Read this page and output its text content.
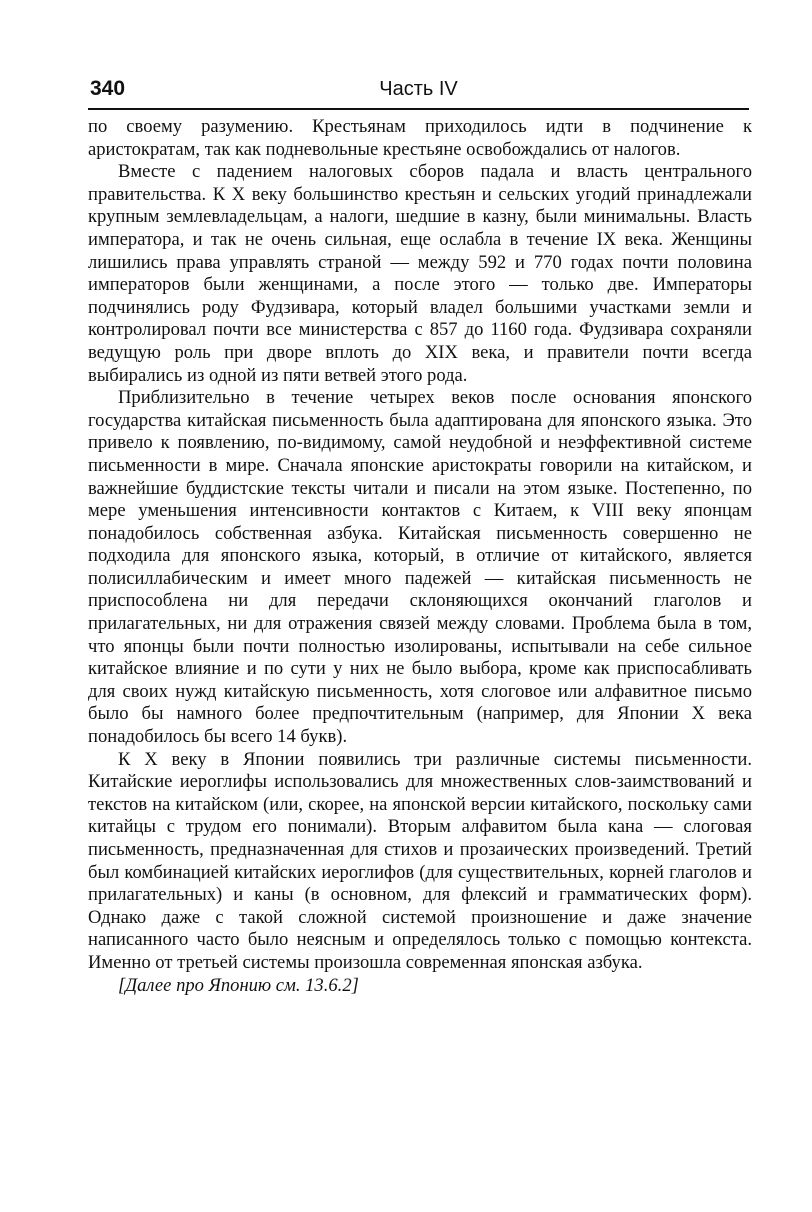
340	Часть IV

по своему разумению. Крестьянам приходилось идти в подчинение к аристократам, так как подневольные крестьяне освобождались от налогов.

Вместе с падением налоговых сборов падала и власть центрального правительства. К X веку большинство крестьян и сельских угодий принадлежали крупным землевладельцам, а налоги, шедшие в казну, были минимальны. Власть императора, и так не очень сильная, еще ослабла в течение IX века. Женщины лишились права управлять страной — между 592 и 770 годах почти половина императоров были женщинами, а после этого — только две. Императоры подчинялись роду Фудзивара, который владел большими участками земли и контролировал почти все министерства с 857 до 1160 года. Фудзивара сохраняли ведущую роль при дворе вплоть до XIX века, и правители почти всегда выбирались из одной из пяти ветвей этого рода.

Приблизительно в течение четырех веков после основания японского государства китайская письменность была адаптирована для японского языка. Это привело к появлению, по-видимому, самой неудобной и неэффективной системе письменности в мире. Сначала японские аристократы говорили на китайском, и важнейшие буддистские тексты читали и писали на этом языке. Постепенно, по мере уменьшения интенсивности контактов с Китаем, к VIII веку японцам понадобилось собственная азбука. Китайская письменность совершенно не подходила для японского языка, который, в отличие от китайского, является полисиллабическим и имеет много падежей — китайская письменность не приспособлена ни для передачи склоняющихся окончаний глаголов и прилагательных, ни для отражения связей между словами. Проблема была в том, что японцы были почти полностью изолированы, испытывали на себе сильное китайское влияние и по сути у них не было выбора, кроме как приспосабливать для своих нужд китайскую письменность, хотя слоговое или алфавитное письмо было бы намного более предпочтительным (например, для Японии X века понадобилось бы всего 14 букв).

К X веку в Японии появились три различные системы письменности. Китайские иероглифы использовались для множественных слов-заимствований и текстов на китайском (или, скорее, на японской версии китайского, поскольку сами китайцы с трудом его понимали). Вторым алфавитом была кана — слоговая письменность, предназначенная для стихов и прозаических произведений. Третий был комбинацией китайских иероглифов (для существительных, корней глаголов и прилагательных) и каны (в основном, для флексий и грамматических форм). Однако даже с такой сложной системой произношение и даже значение написанного часто было неясным и определялось только с помощью контекста. Именно от третьей системы произошла современная японская азбука.

[Далее про Японию см. 13.6.2]
